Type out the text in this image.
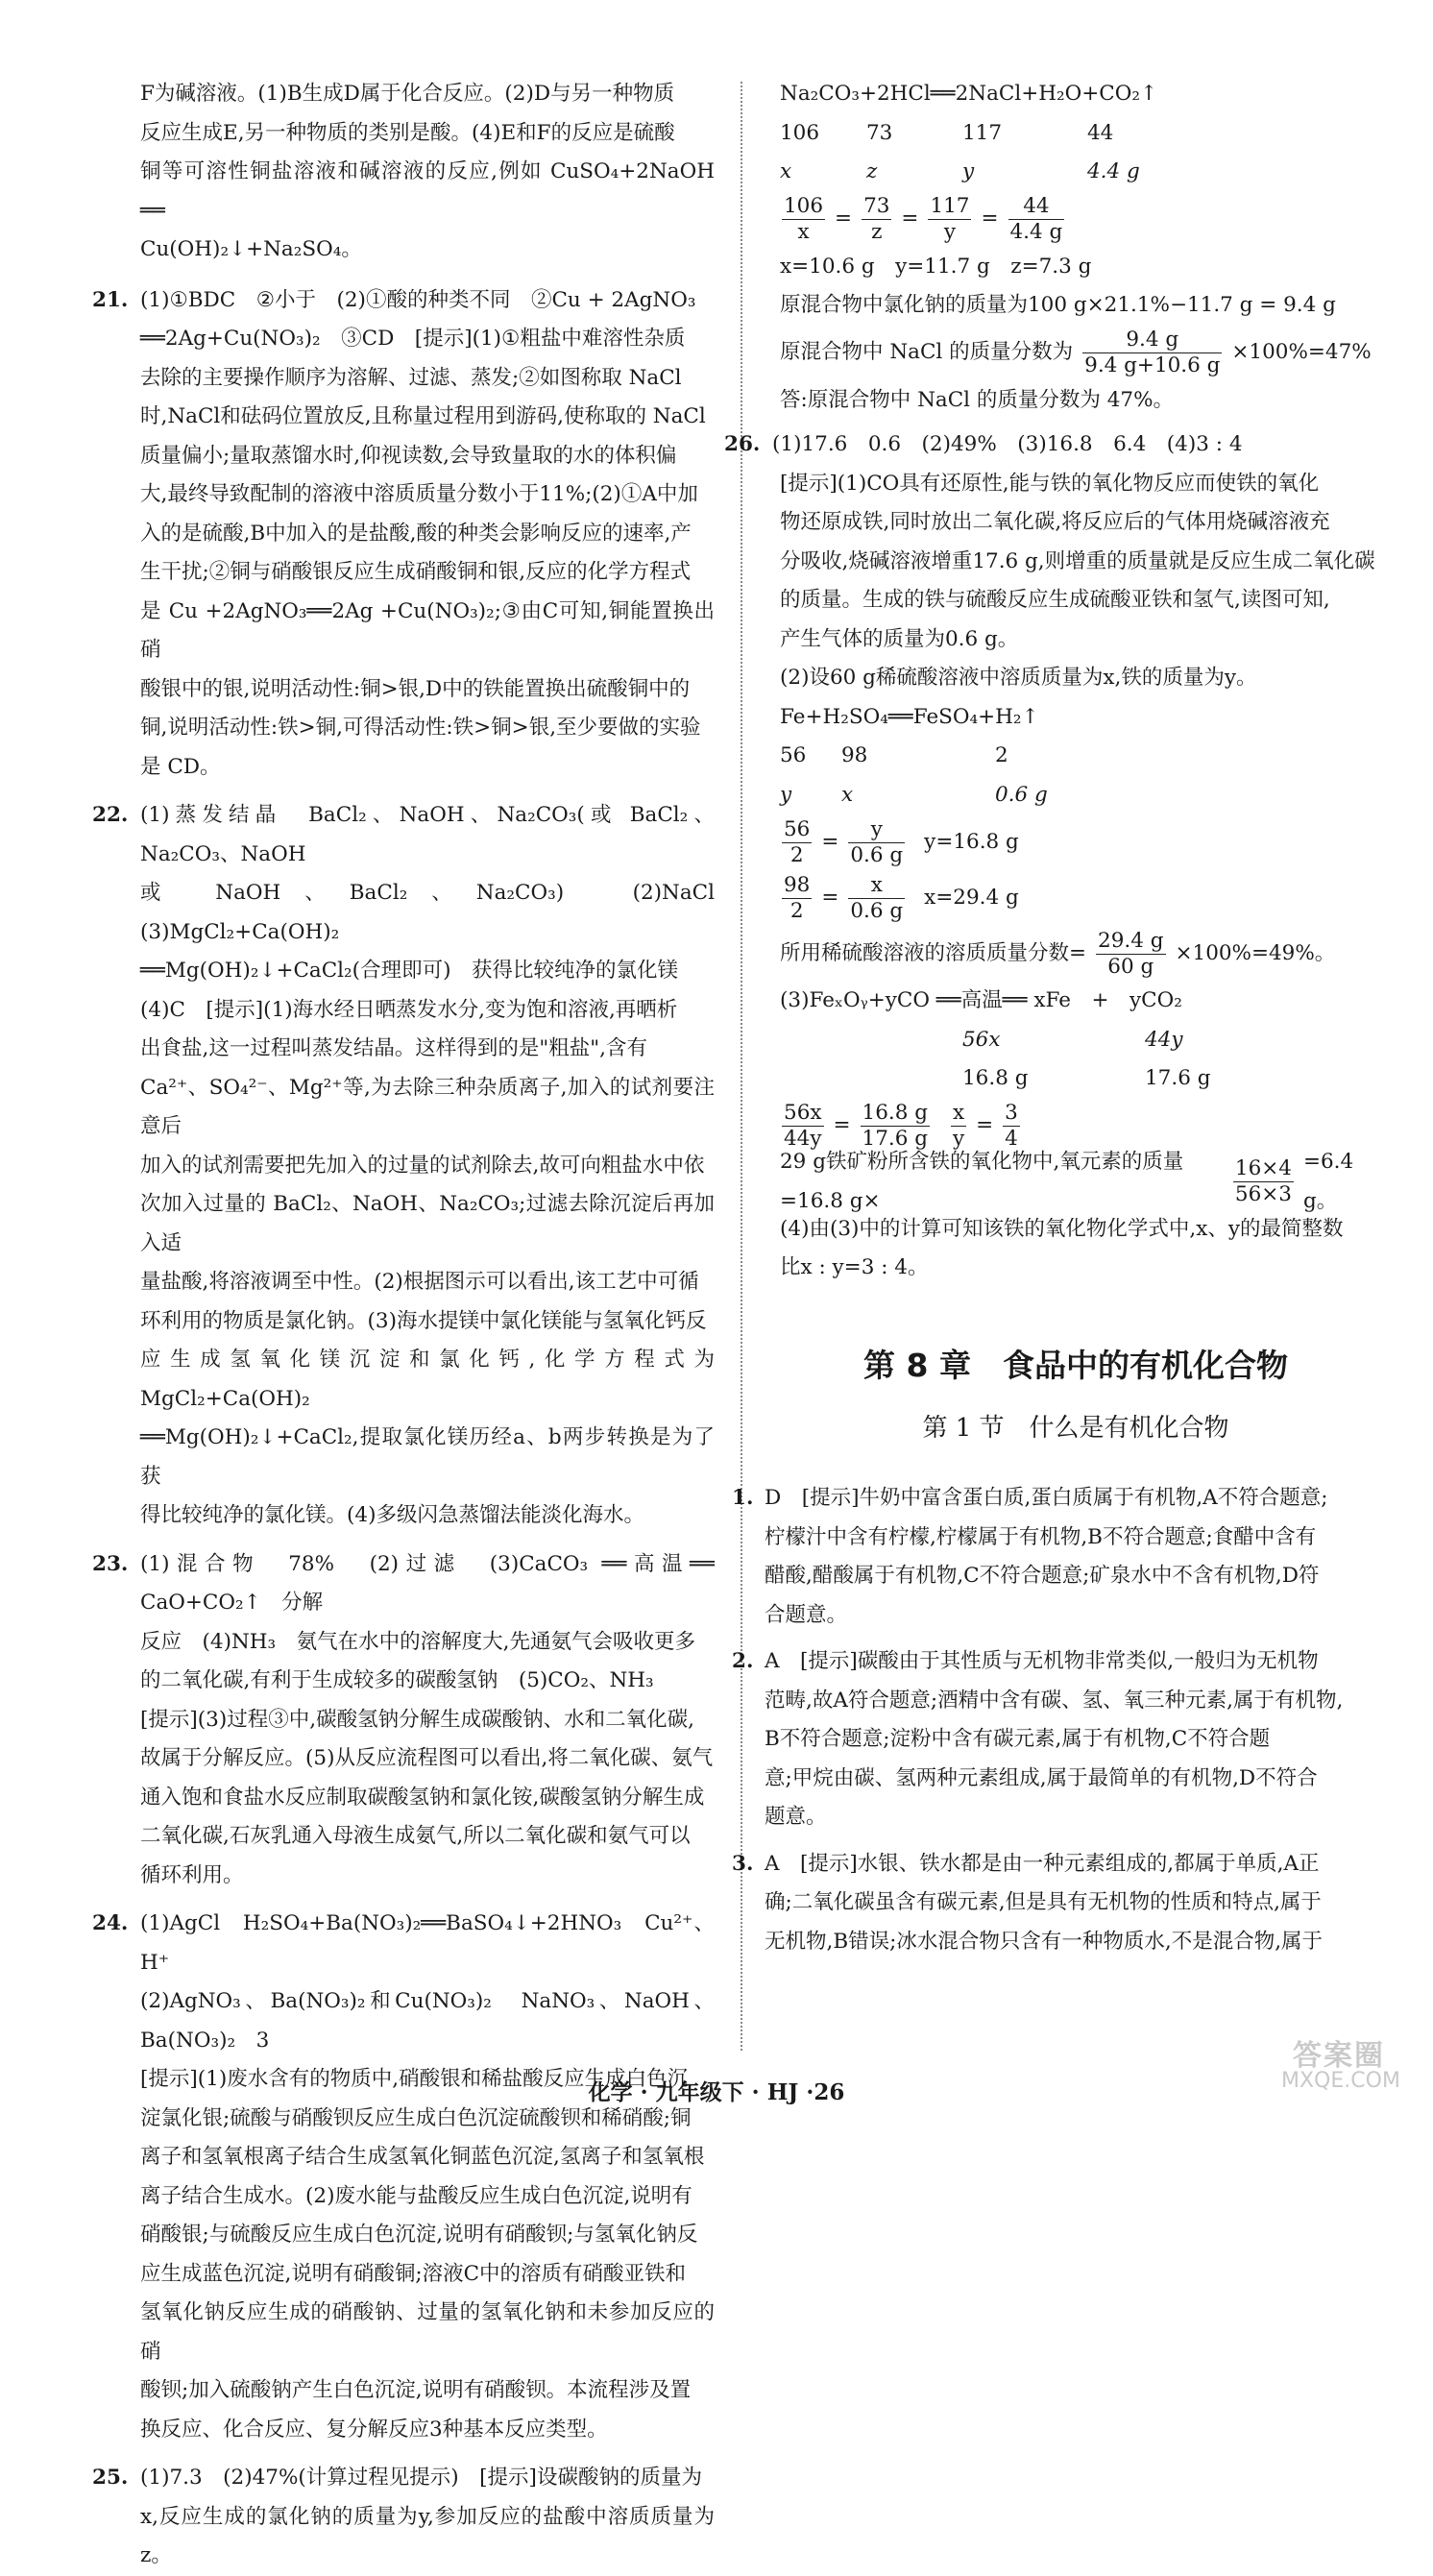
F为碱溶液。(1)B生成D属于化合反应。(2)D与另一种物质

反应生成E,另一种物质的类别是酸。(4)E和F的反应是硫酸

铜等可溶性铜盐溶液和碱溶液的反应,例如 CuSO₄+2NaOH ══

Cu(OH)₂↓+Na₂SO₄。

21. (1)①BDC　②小于　(2)①酸的种类不同　②Cu + 2AgNO₃

══2Ag+Cu(NO₃)₂　③CD　[提示](1)①粗盐中难溶性杂质

去除的主要操作顺序为溶解、过滤、蒸发;②如图称取 NaCl

时,NaCl和砝码位置放反,且称量过程用到游码,使称取的 NaCl

质量偏小;量取蒸馏水时,仰视读数,会导致量取的水的体积偏

大,最终导致配制的溶液中溶质质量分数小于11%;(2)①A中加

入的是硫酸,B中加入的是盐酸,酸的种类会影响反应的速率,产

生干扰;②铜与硝酸银反应生成硝酸铜和银,反应的化学方程式

是 Cu +2AgNO₃══2Ag +Cu(NO₃)₂;③由C可知,铜能置换出硝

酸银中的银,说明活动性:铜>银,D中的铁能置换出硫酸铜中的

铜,说明活动性:铁>铜,可得活动性:铁>铜>银,至少要做的实验

是 CD。

22. (1)蒸发结晶　BaCl₂、NaOH、Na₂CO₃(或 BaCl₂、Na₂CO₃、NaOH

或 NaOH、BaCl₂、Na₂CO₃)　(2)NaCl　(3)MgCl₂+Ca(OH)₂

══Mg(OH)₂↓+CaCl₂(合理即可)　获得比较纯净的氯化镁

(4)C　[提示](1)海水经日晒蒸发水分,变为饱和溶液,再晒析

出食盐,这一过程叫蒸发结晶。这样得到的是"粗盐",含有

Ca²⁺、SO₄²⁻、Mg²⁺等,为去除三种杂质离子,加入的试剂要注意后

加入的试剂需要把先加入的过量的试剂除去,故可向粗盐水中依

次加入过量的 BaCl₂、NaOH、Na₂CO₃;过滤去除沉淀后再加入适

量盐酸,将溶液调至中性。(2)根据图示可以看出,该工艺中可循

环利用的物质是氯化钠。(3)海水提镁中氯化镁能与氢氧化钙反

应生成氢氧化镁沉淀和氯化钙,化学方程式为 MgCl₂+Ca(OH)₂

══Mg(OH)₂↓+CaCl₂,提取氯化镁历经a、b两步转换是为了获

得比较纯净的氯化镁。(4)多级闪急蒸馏法能淡化海水。

23. (1)混合物　78%　(2)过滤　(3)CaCO₃ ══高温══ CaO+CO₂↑　分解

反应　(4)NH₃　氨气在水中的溶解度大,先通氨气会吸收更多

的二氧化碳,有利于生成较多的碳酸氢钠　(5)CO₂、NH₃

[提示](3)过程③中,碳酸氢钠分解生成碳酸钠、水和二氧化碳,

故属于分解反应。(5)从反应流程图可以看出,将二氧化碳、氨气

通入饱和食盐水反应制取碳酸氢钠和氯化铵,碳酸氢钠分解生成

二氧化碳,石灰乳通入母液生成氨气,所以二氧化碳和氨气可以

循环利用。

24. (1)AgCl　H₂SO₄+Ba(NO₃)₂══BaSO₄↓+2HNO₃　Cu²⁺、H⁺

(2)AgNO₃、Ba(NO₃)₂和Cu(NO₃)₂　NaNO₃、NaOH、Ba(NO₃)₂　3

[提示](1)废水含有的物质中,硝酸银和稀盐酸反应生成白色沉

淀氯化银;硫酸与硝酸钡反应生成白色沉淀硫酸钡和稀硝酸;铜

离子和氢氧根离子结合生成氢氧化铜蓝色沉淀,氢离子和氢氧根

离子结合生成水。(2)废水能与盐酸反应生成白色沉淀,说明有

硝酸银;与硫酸反应生成白色沉淀,说明有硝酸钡;与氢氧化钠反

应生成蓝色沉淀,说明有硝酸铜;溶液C中的溶质有硝酸亚铁和

氢氧化钠反应生成的硝酸钠、过量的氢氧化钠和未参加反应的硝

酸钡;加入硫酸钠产生白色沉淀,说明有硝酸钡。本流程涉及置

换反应、化合反应、复分解反应3种基本反应类型。

25. (1)7.3　(2)47%(计算过程见提示)　[提示]设碳酸钠的质量为

x,反应生成的氯化钠的质量为y,参加反应的盐酸中溶质质量为z。

Na₂CO₃+2HCl══2NaCl+H₂O+CO₂↑

106	73	117	44
x	z	y	4.4 g
$\frac{106}{x} = \frac{73}{z} = \frac{117}{y} = \frac{44}{4.4 g}$

x=10.6 g　y=11.7 g　z=7.3 g

原混合物中氯化钠的质量为100 g×21.1%−11.7 g = 9.4 g

原混合物中 NaCl 的质量分数为 $\frac{9.4 g}{9.4 g+10.6 g} \times 100\%=47\%$

答:原混合物中 NaCl 的质量分数为 47%。

26. (1)17.6　0.6　(2)49%　(3)16.8　6.4　(4)3 : 4

[提示](1)CO具有还原性,能与铁的氧化物反应而使铁的氧化

物还原成铁,同时放出二氧化碳,将反应后的气体用烧碱溶液充

分吸收,烧碱溶液增重17.6 g,则增重的质量就是反应生成二氧化碳

的质量。生成的铁与硫酸反应生成硫酸亚铁和氢气,读图可知,

产生气体的质量为0.6 g。

(2)设60 g稀硫酸溶液中溶质质量为x,铁的质量为y。

Fe+H₂SO₄══FeSO₄+H₂↑

56	98	2
y	x	0.6 g
$\frac{56}{2} = \frac{y}{0.6 g} y=16.8$ g
$\frac{98}{2} = \frac{x}{0.6 g} x=29.4$ g
所用稀硫酸溶液的溶质质量分数= $\frac{29.4 g}{60 g} \times 100\%=49\%$。

(3)FeₓOᵧ+yCO ══高温══ xFe　+　yCO₂

56x	44y
16.8 g	17.6 g
$\frac{56x}{44y} = \frac{16.8 g}{17.6 g} \frac{x}{y} = \frac{3}{4}$
29 g铁矿粉所含铁的氧化物中,氧元素的质量=16.8 g×	$\frac{16\times 4}{56\times 3} =6.4$ g。

(4)由(3)中的计算可知该铁的氧化物化学式中,x、y的最简整数

比x : y=3 : 4。

第 8 章　食品中的有机化合物
第 1 节　什么是有机化合物
1. D　[提示]牛奶中富含蛋白质,蛋白质属于有机物,A不符合题意;

柠檬汁中含有柠檬,柠檬属于有机物,B不符合题意;食醋中含有

醋酸,醋酸属于有机物,C不符合题意;矿泉水中不含有机物,D符

合题意。

2. A　[提示]碳酸由于其性质与无机物非常类似,一般归为无机物

范畴,故A符合题意;酒精中含有碳、氢、氧三种元素,属于有机物,

B不符合题意;淀粉中含有碳元素,属于有机物,C不符合题

意;甲烷由碳、氢两种元素组成,属于最简单的有机物,D不符合

题意。

3. A　[提示]水银、铁水都是由一种元素组成的,都属于单质,A正

确;二氧化碳虽含有碳元素,但是具有无机物的性质和特点,属于

无机物,B错误;冰水混合物只含有一种物质水,不是混合物,属于

化学 · 九年级下 · HJ ·26
答案圈
MXQE.COM
